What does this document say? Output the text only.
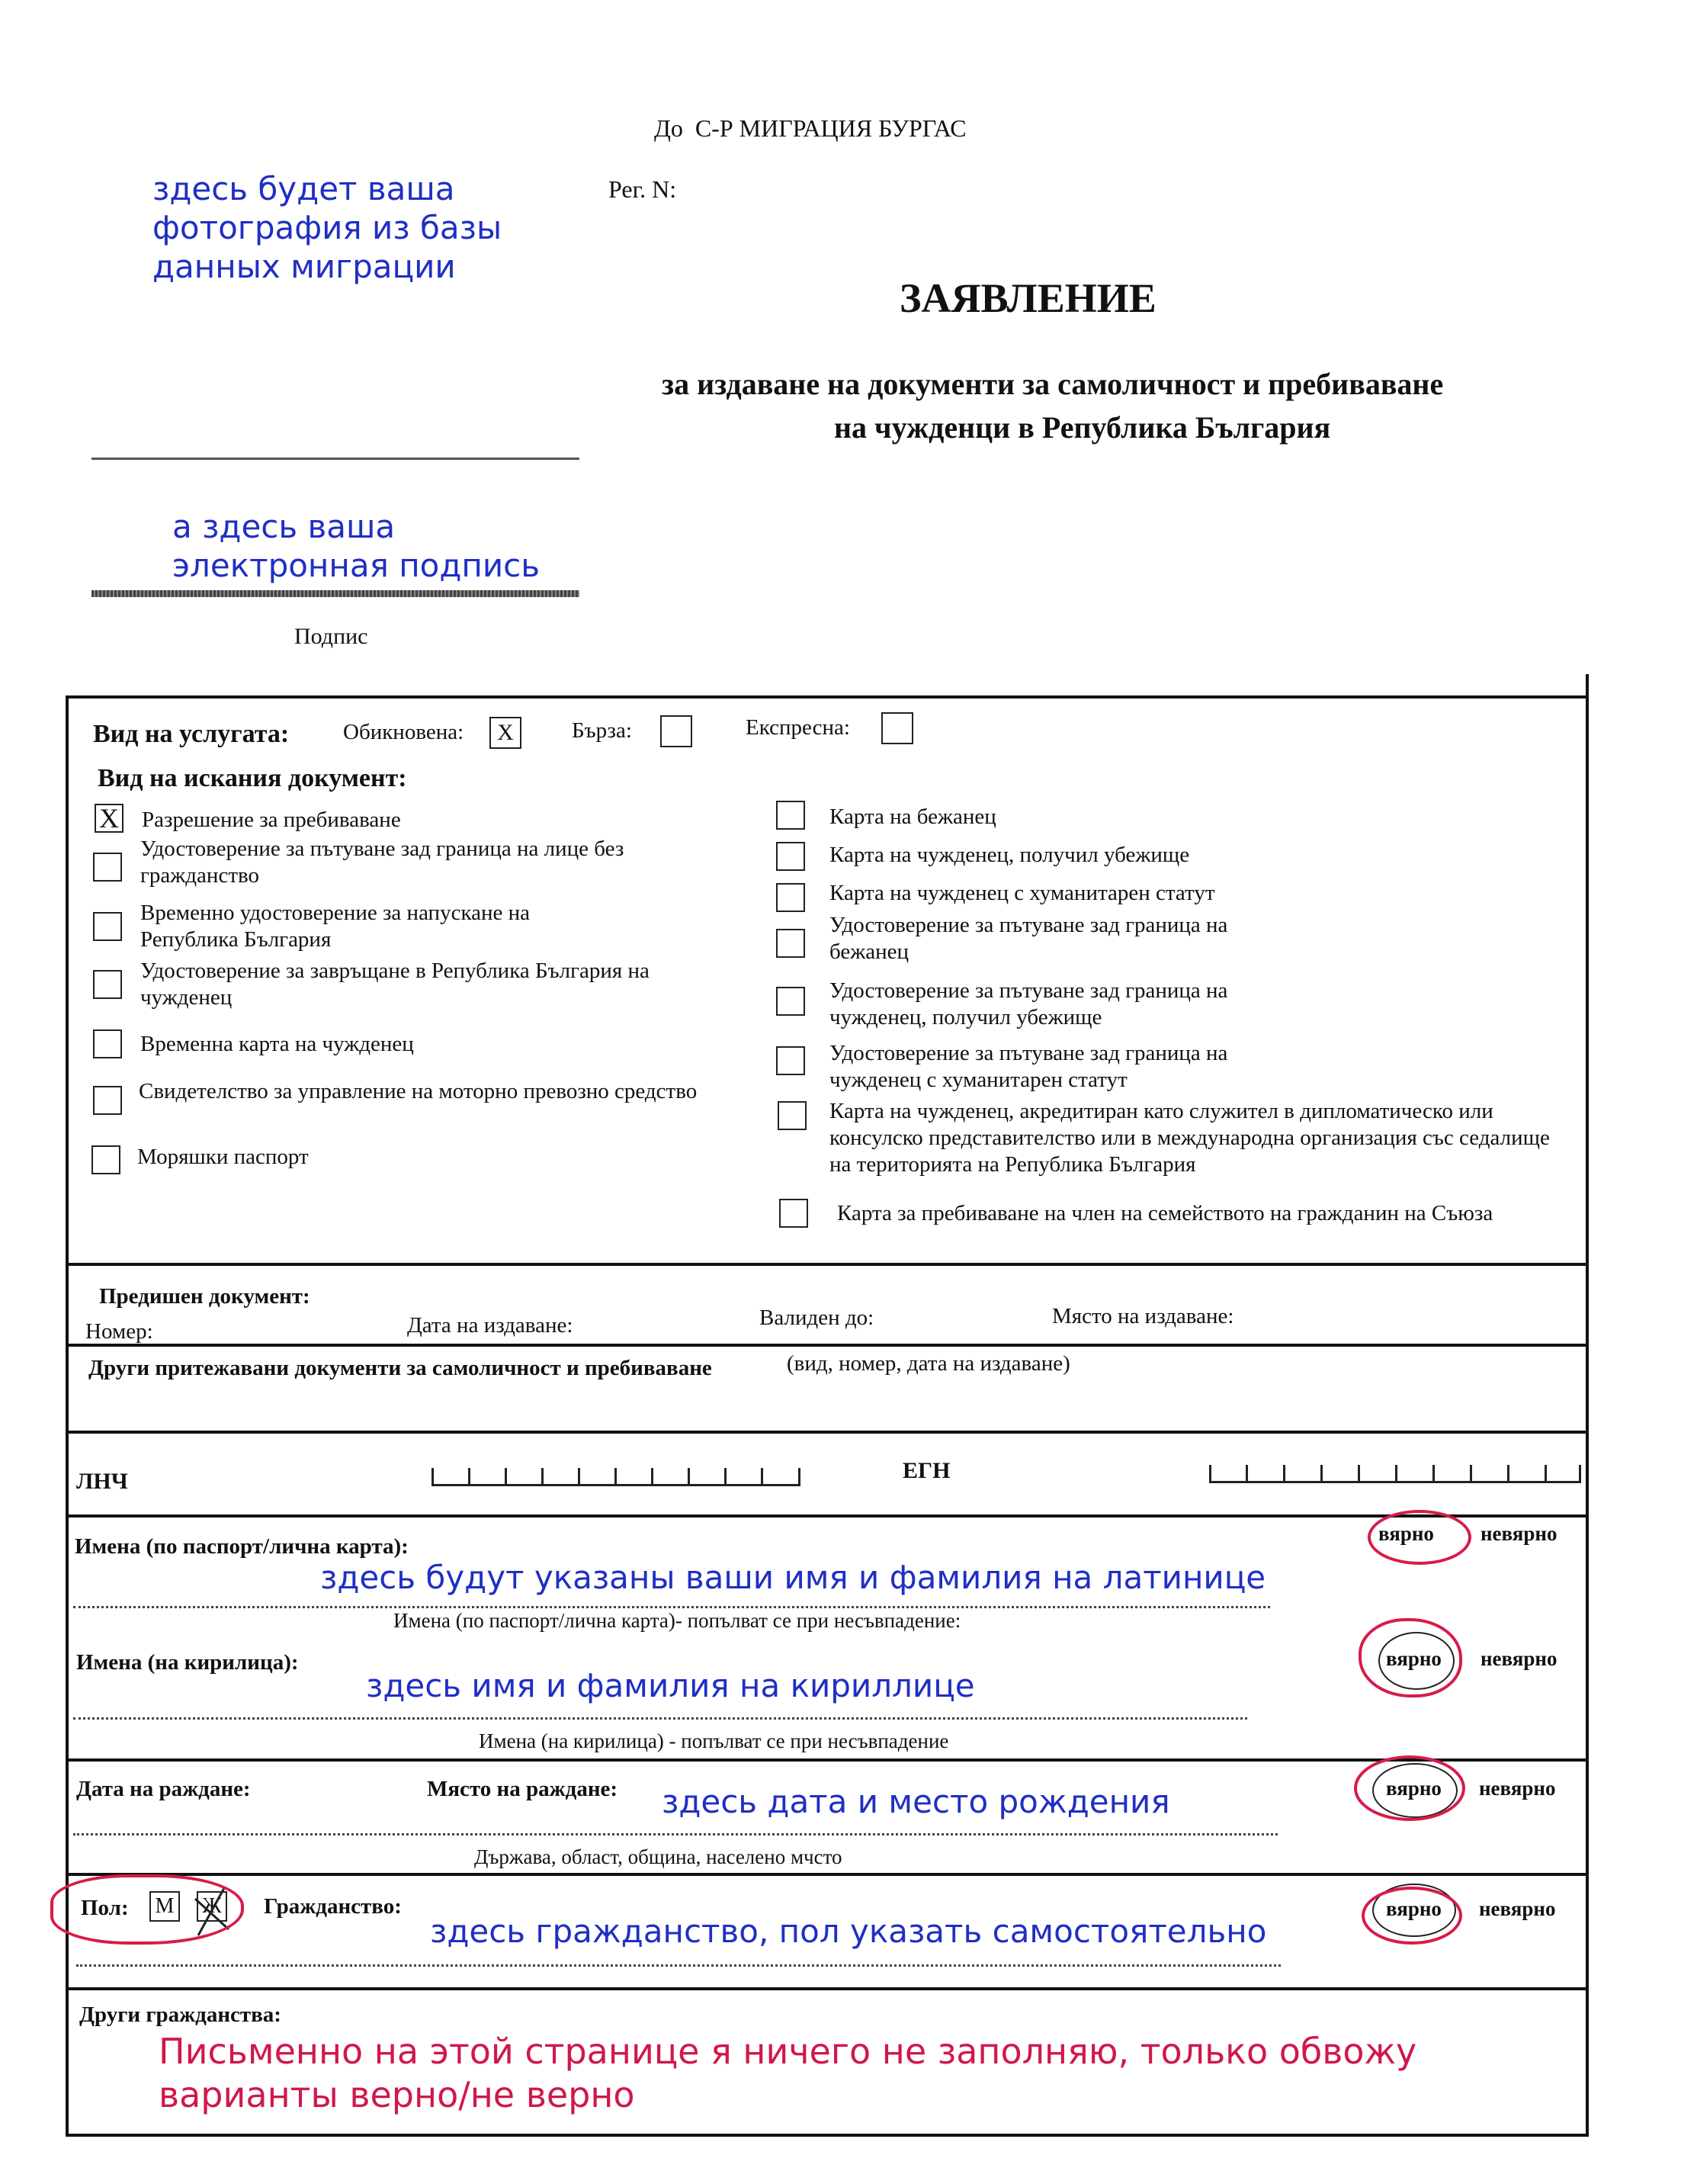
До С-Р МИГРАЦИЯ БУРГАС
Рег. N:
здесь будет ваша
фотография из базы
данных миграции
ЗАЯВЛЕНИЕ
за издаване на документи за самоличност и пребиваване
на чужденци в Република България
а здесь ваша
электронная подпись
Подпис
Вид на услугата: Обикновена:	X	Бърза:	Експресна:
Вид на искания документ:
X Разрешение за пребиваване
Удостоверение за пътуване зад граница на лице без гражданство
Временно удостоверение за напускане на Република България
Удостоверение за завръщане в Република България на чужденец
Временна карта на чужденец
Свидетелство за управление на моторно превозно средство
Моряшки паспорт
Карта на бежанец
Карта на чужденец, получил убежище
Карта на чужденец с хуманитарен статут
Удостоверение за пътуване зад граница на бежанец
Удостоверение за пътуване зад граница на чужденец, получил убежище
Удостоверение за пътуване зад граница на чужденец с хуманитарен статут
Карта на чужденец, акредитиран като служител в дипломатическо или консулско представителство или в международна организация със седалище на територията на Република България
Карта за пребиваване на член на семейството на гражданин на Съюза
Предишен документ:
Номер:	Дата на издаване:	Валиден до:	Място на издаване:
Други притежавани документи за самоличност и пребиваване	(вид, номер, дата на издаване)
ЛНЧ	ЕГН
Имена (по паспорт/лична карта):
здесь будут указаны ваши имя и фамилия на латинице
Имена (по паспорт/лична карта)- попълват се при несъвпадение:
Имена (на кирилица):
здесь имя и фамилия на кириллице
Имена (на кирилица) - попълват се при несъвпадение
Дата на раждане:	Място на раждане: здесь дата и место рождения
Държава, област, община, населено мчсто
Пол: М Ж Гражданство:
здесь гражданство, пол указать самостоятельно
Други гражданства:
Письменно на этой странице я ничего не заполняю, только обвожу
варианты верно/не верно
вярно невярно
вярно невярно
вярно невярно
вярно невярно
